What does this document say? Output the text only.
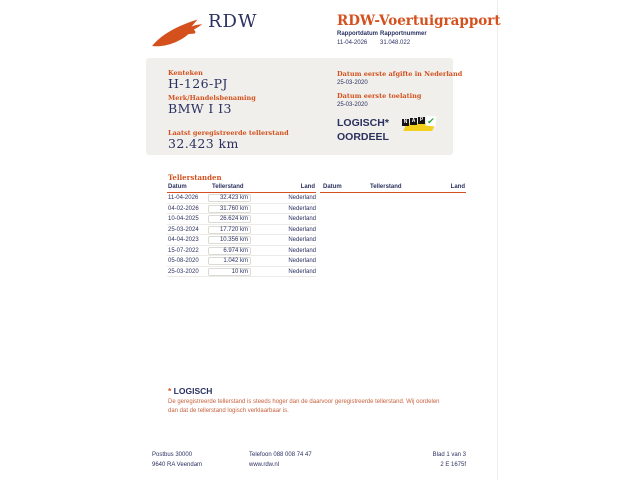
RDW	RDW-Voertuigrapport
Rapportdatum Rapportnummer
11-04-2026 31.048.022
Kenteken
H-126-PJ
Merk/Handelsbenaming
BMW I I3
Laatst geregistreerde tellerstand
32.423 km
Datum eerste afgifte in Nederland
25-03-2020
Datum eerste toelating
25-03-2020
LOGISCH*
OORDEEL
N A P ✓
Tellerstanden
Datum	Tellerstand	Land
11-04-2026	32.423 km	Nederland
04-02-2026	31.760 km	Nederland
10-04-2025	26.624 km	Nederland
25-03-2024	17.720 km	Nederland
04-04-2023	10.356 km	Nederland
15-07-2022	6.974 km	Nederland
05-08-2020	1.042 km	Nederland
25-03-2020	10 km	Nederland
Datum	Tellerstand	Land
* LOGISCH
De geregistreerde tellerstand is steeds hoger dan de daarvoor geregistreerde tellerstand. Wij oordelen dan dat de tellerstand logisch verklaarbaar is.
Postbus 30000
9640 RA Veendam
Telefoon 088 008 74 47
www.rdw.nl
Blad 1 van 3
2 E 1675f
